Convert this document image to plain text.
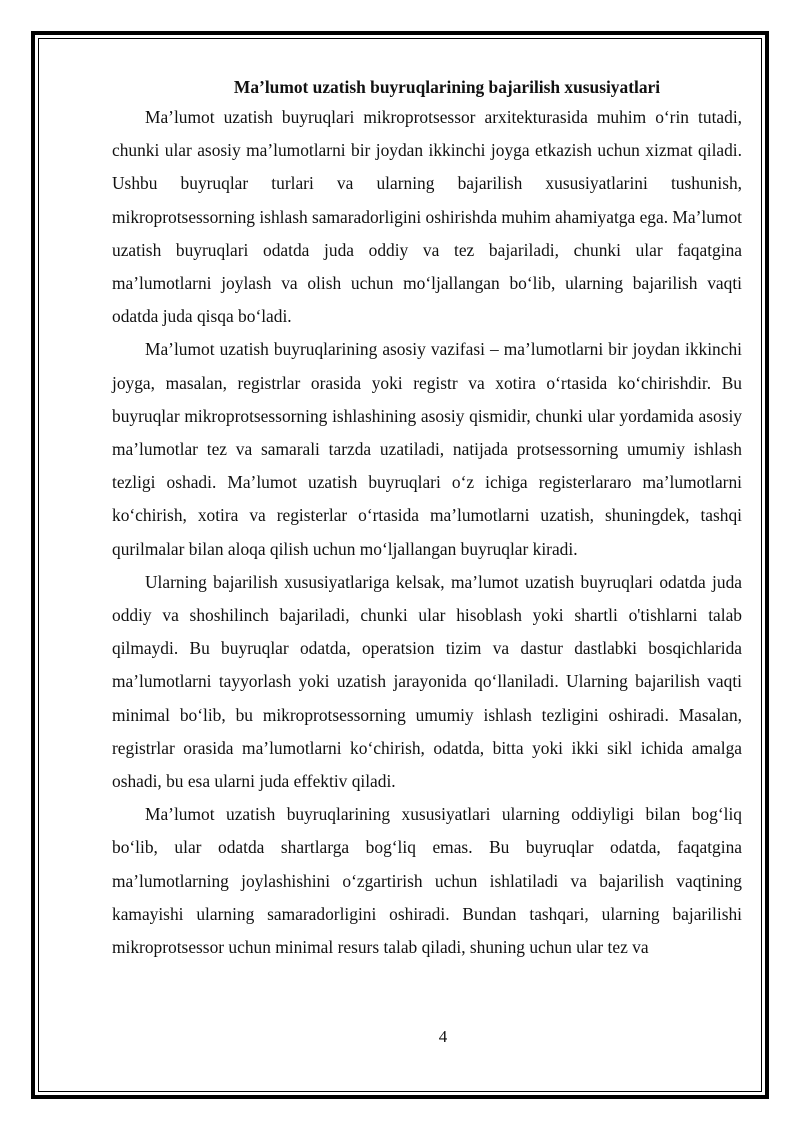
Ma’lumot uzatish buyruqlarining bajarilish xususiyatlari

Ma’lumot uzatish buyruqlari mikroprotsessor arxitekturasida muhim o‘rin tutadi, chunki ular asosiy ma’lumotlarni bir joydan ikkinchi joyga etkazish uchun xizmat qiladi. Ushbu buyruqlar turlari va ularning bajarilish xususiyatlarini tushunish, mikroprotsessorning ishlash samaradorligini oshirishda muhim ahamiyatga ega. Ma’lumot uzatish buyruqlari odatda juda oddiy va tez bajariladi, chunki ular faqatgina ma’lumotlarni joylash va olish uchun mo‘ljallangan bo‘lib, ularning bajarilish vaqti odatda juda qisqa bo‘ladi.

Ma’lumot uzatish buyruqlarining asosiy vazifasi – ma’lumotlarni bir joydan ikkinchi joyga, masalan, registrlar orasida yoki registr va xotira o‘rtasida ko‘chirishdir. Bu buyruqlar mikroprotsessorning ishlashining asosiy qismidir, chunki ular yordamida asosiy ma’lumotlar tez va samarali tarzda uzatiladi, natijada protsessorning umumiy ishlash tezligi oshadi. Ma’lumot uzatish buyruqlari o‘z ichiga registerlararo ma’lumotlarni ko‘chirish, xotira va registerlar o‘rtasida ma’lumotlarni uzatish, shuningdek, tashqi qurilmalar bilan aloqa qilish uchun mo‘ljallangan buyruqlar kiradi.

Ularning bajarilish xususiyatlariga kelsak, ma’lumot uzatish buyruqlari odatda juda oddiy va shoshilinch bajariladi, chunki ular hisoblash yoki shartli o'tishlarni talab qilmaydi. Bu buyruqlar odatda, operatsion tizim va dastur dastlabki bosqichlarida ma’lumotlarni tayyorlash yoki uzatish jarayonida qo‘llaniladi. Ularning bajarilish vaqti minimal bo‘lib, bu mikroprotsessorning umumiy ishlash tezligini oshiradi. Masalan, registrlar orasida ma’lumotlarni ko‘chirish, odatda, bitta yoki ikki sikl ichida amalga oshadi, bu esa ularni juda effektiv qiladi.

Ma’lumot uzatish buyruqlarining xususiyatlari ularning oddiyligi bilan bog‘liq bo‘lib, ular odatda shartlarga bog‘liq emas. Bu buyruqlar odatda, faqatgina ma’lumotlarning joylashishini o‘zgartirish uchun ishlatiladi va bajarilish vaqtining kamayishi ularning samaradorligini oshiradi. Bundan tashqari, ularning bajarilishi mikroprotsessor uchun minimal resurs talab qiladi, shuning uchun ular tez va

4
